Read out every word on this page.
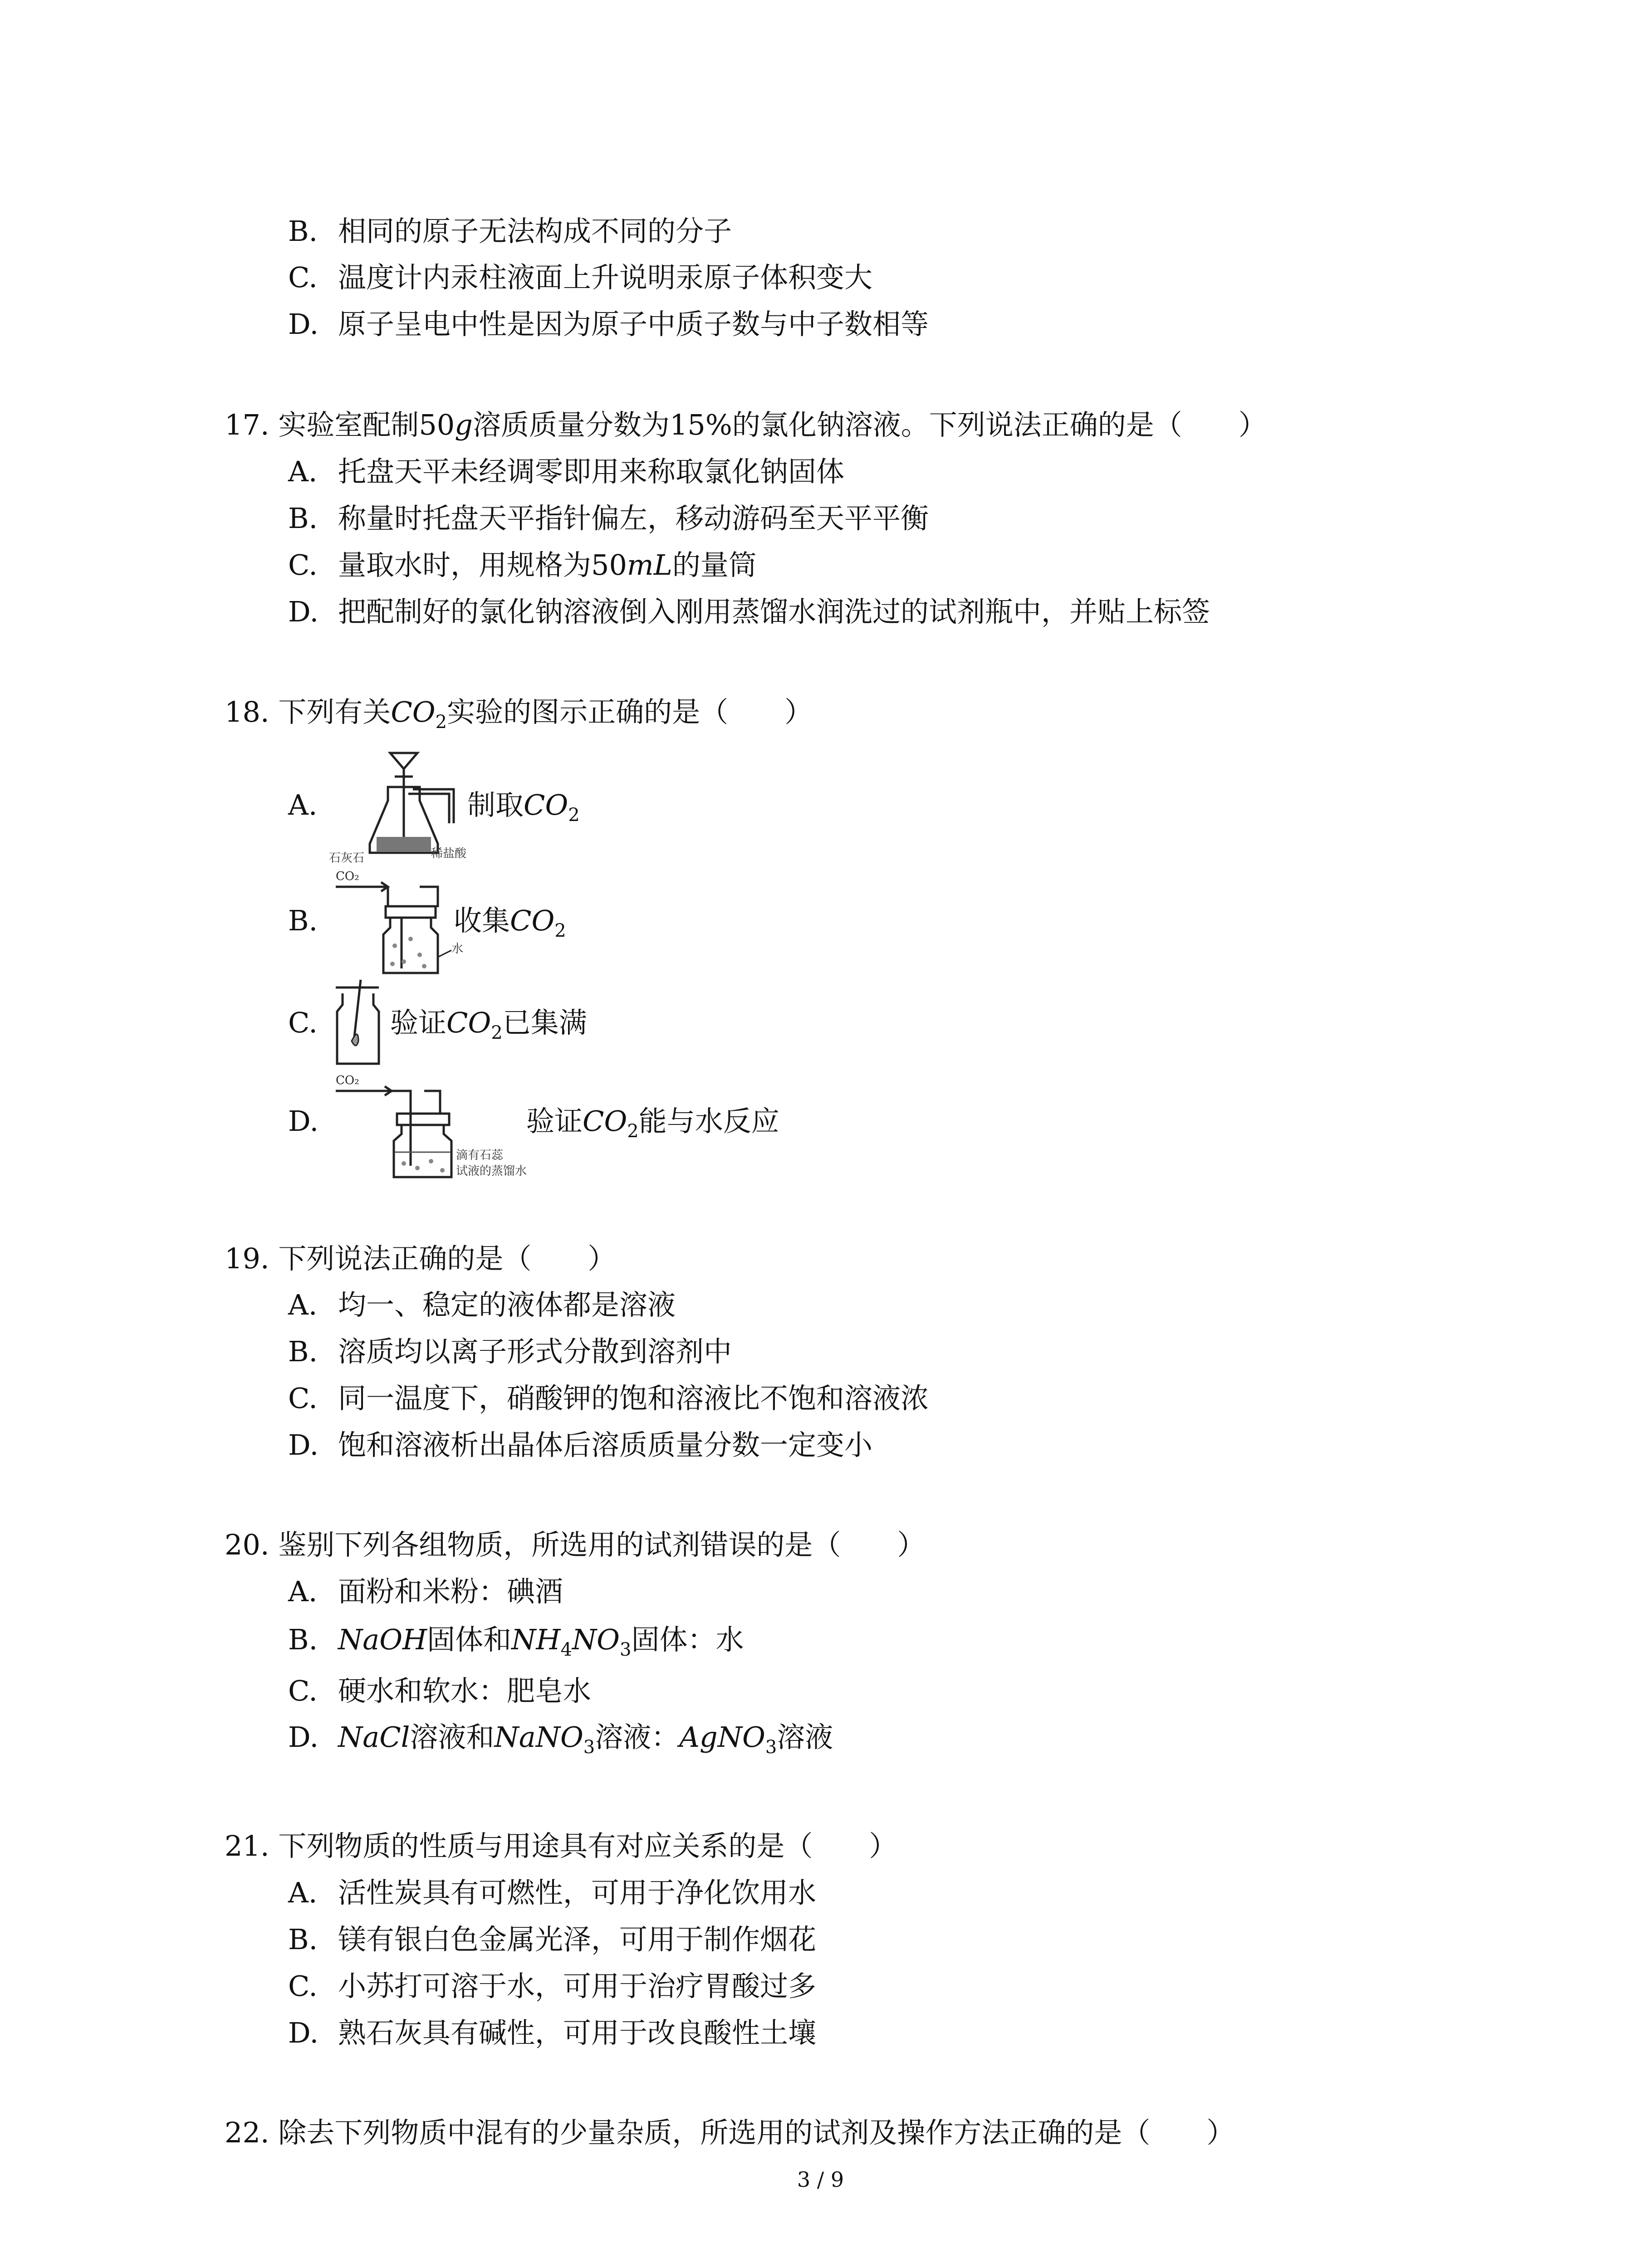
B. 相同的原子无法构成不同的分子
C. 温度计内汞柱液面上升说明汞原子体积变大
D. 原子呈电中性是因为原子中质子数与中子数相等
17. 实验室配制50g溶质质量分数为15%的氯化钠溶液。下列说法正确的是（　　）
A. 托盘天平未经调零即用来称取氯化钠固体
B. 称量时托盘天平指针偏左，移动游码至天平平衡
C. 量取水时，用规格为50mL的量筒
D. 把配制好的氯化钠溶液倒入刚用蒸馏水润洗过的试剂瓶中，并贴上标签
18. 下列有关$CO_2$实验的图示正确的是（　　）
A.
石灰石	稀盐酸
制取$CO_2$
B.
CO₂
水
收集$CO_2$
C.	验证$CO_2$已集满
D.
CO₂
滴有石蕊
试液的蒸馏水
验证$CO_2$能与水反应
19. 下列说法正确的是（　　）
A. 均一、稳定的液体都是溶液
B. 溶质均以离子形式分散到溶剂中
C. 同一温度下，硝酸钾的饱和溶液比不饱和溶液浓
D. 饱和溶液析出晶体后溶质质量分数一定变小
20. 鉴别下列各组物质，所选用的试剂错误的是（　　）
A. 面粉和米粉：碘酒
B. NaOH固体和$NH_4NO_3$固体：水
C. 硬水和软水：肥皂水
D. NaCl溶液和NaNO$_3$溶液：AgNO$_3$溶液
21. 下列物质的性质与用途具有对应关系的是（　　）
A. 活性炭具有可燃性，可用于净化饮用水
B. 镁有银白色金属光泽，可用于制作烟花
C. 小苏打可溶于水，可用于治疗胃酸过多
D. 熟石灰具有碱性，可用于改良酸性土壤
22. 除去下列物质中混有的少量杂质，所选用的试剂及操作方法正确的是（　　）
3 / 9
